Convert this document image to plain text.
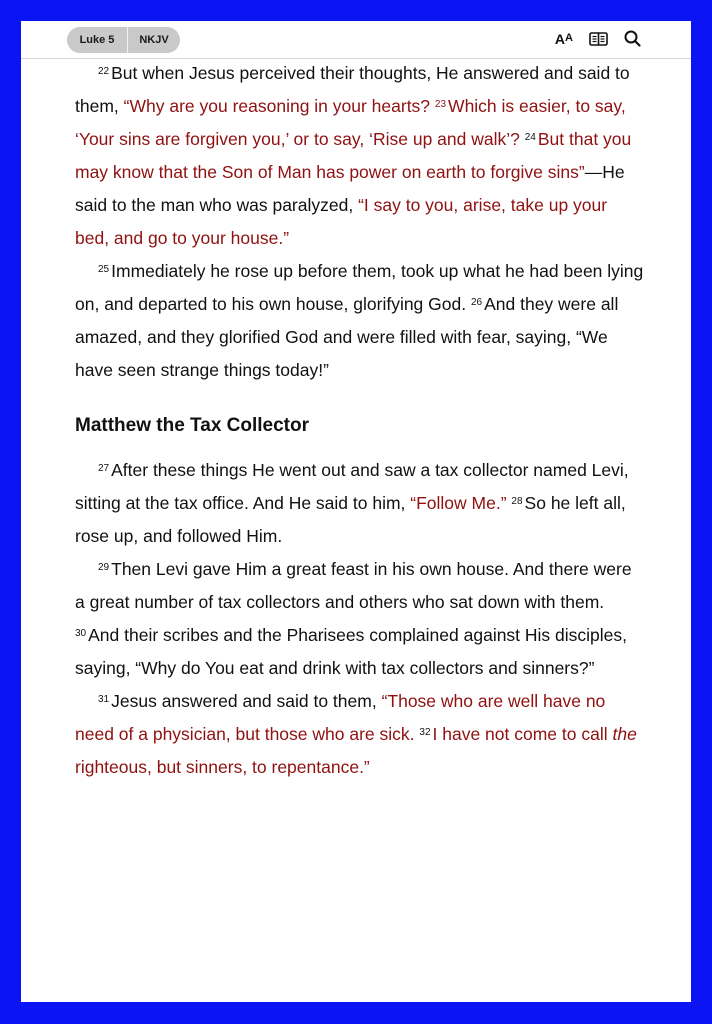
Luke 5	NKJV	A A

$^{22}$ But when Jesus perceived their thoughts, He answered and said to them, “Why are you reasoning in your hearts? $^{23}$ Which is easier, to say, ‘Your sins are forgiven you,’ or to say, ‘Rise up and walk’? $^{24}$ But that you may know that the Son of Man has power on earth to forgive sins”—He said to the man who was paralyzed, “I say to you, arise, take up your bed, and go to your house.”

$^{25}$ Immediately he rose up before them, took up what he had been lying on, and departed to his own house, glorifying God. $^{26}$ And they were all amazed, and they glorified God and were filled with fear, saying, “We have seen strange things today!”

Matthew the Tax Collector

$^{27}$ After these things He went out and saw a tax collector named Levi, sitting at the tax office. And He said to him, “Follow Me.” $^{28}$ So he left all, rose up, and followed Him.

$^{29}$ Then Levi gave Him a great feast in his own house. And there were a great number of tax collectors and others who sat down with them. $^{30}$ And their scribes and the Pharisees complained against His disciples, saying, “Why do You eat and drink with tax collectors and sinners?”

$^{31}$ Jesus answered and said to them, “Those who are well have no need of a physician, but those who are sick. $^{32}$ I have not come to call the righteous, but sinners, to repentance.”
